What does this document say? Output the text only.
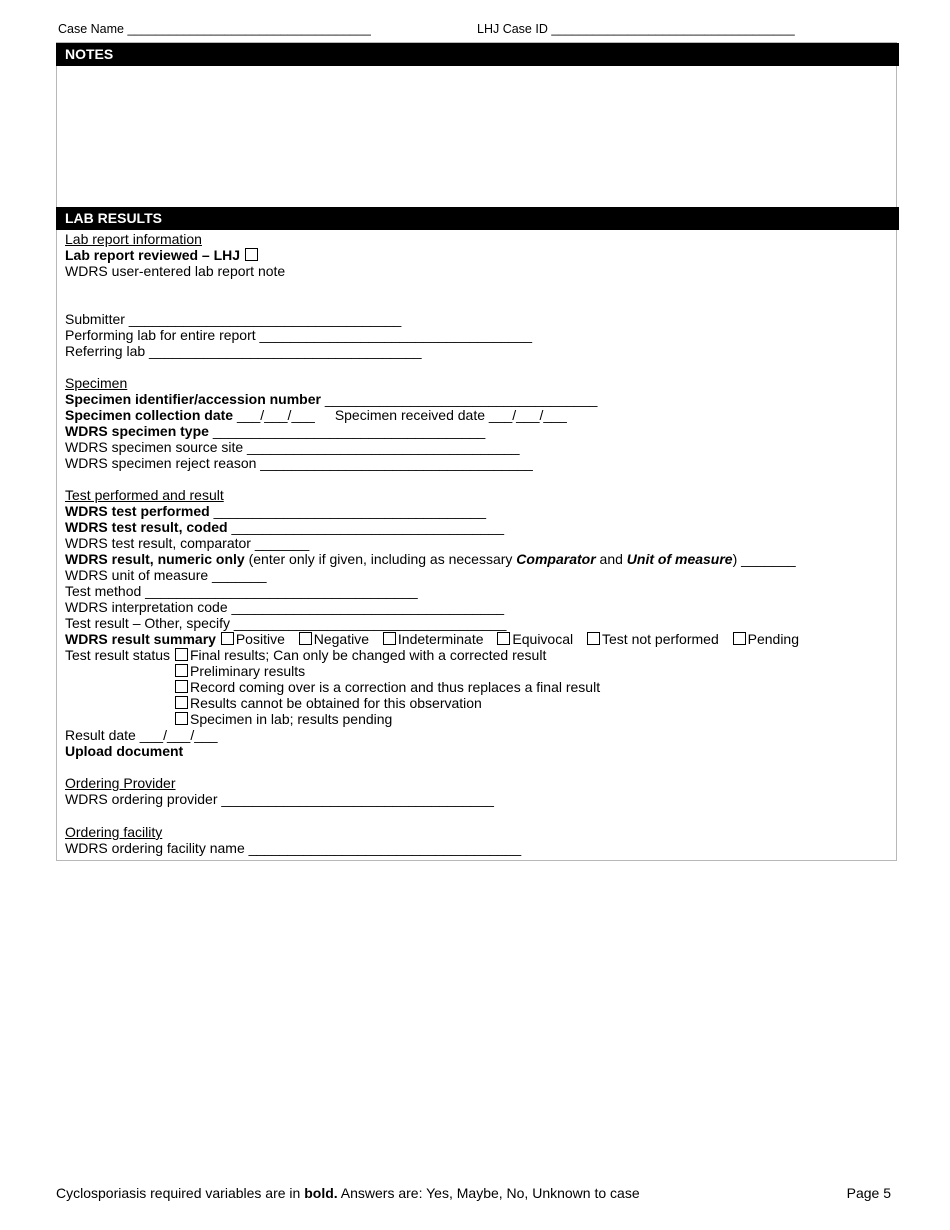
Case Name ___________________________________	LHJ Case ID ___________________________________
NOTES
LAB RESULTS
Lab report information
Lab report reviewed – LHJ
WDRS user-entered lab report note
Submitter ___________________________________
Performing lab for entire report ___________________________________
Referring lab ___________________________________
Specimen
Specimen identifier/accession number ___________________________________
Specimen collection date ___/___/___ Specimen received date ___/___/___
WDRS specimen type ___________________________________
WDRS specimen source site ___________________________________
WDRS specimen reject reason ___________________________________
Test performed and result
WDRS test performed ___________________________________
WDRS test result, coded ___________________________________
WDRS test result, comparator _______
WDRS result, numeric only (enter only if given, including as necessary Comparator and Unit of measure) _______
WDRS unit of measure _______
Test method ___________________________________
WDRS interpretation code ___________________________________
Test result – Other, specify ___________________________________
WDRS result summary Positive Negative Indeterminate Equivocal Test not performed Pending
Test result status Final results; Can only be changed with a corrected result
Preliminary results
Record coming over is a correction and thus replaces a final result
Results cannot be obtained for this observation
Specimen in lab; results pending
Result date ___/___/___
Upload document
Ordering Provider
WDRS ordering provider ___________________________________
Ordering facility
WDRS ordering facility name ___________________________________
Cyclosporiasis required variables are in bold. Answers are: Yes, Maybe, No, Unknown to case	Page 5
